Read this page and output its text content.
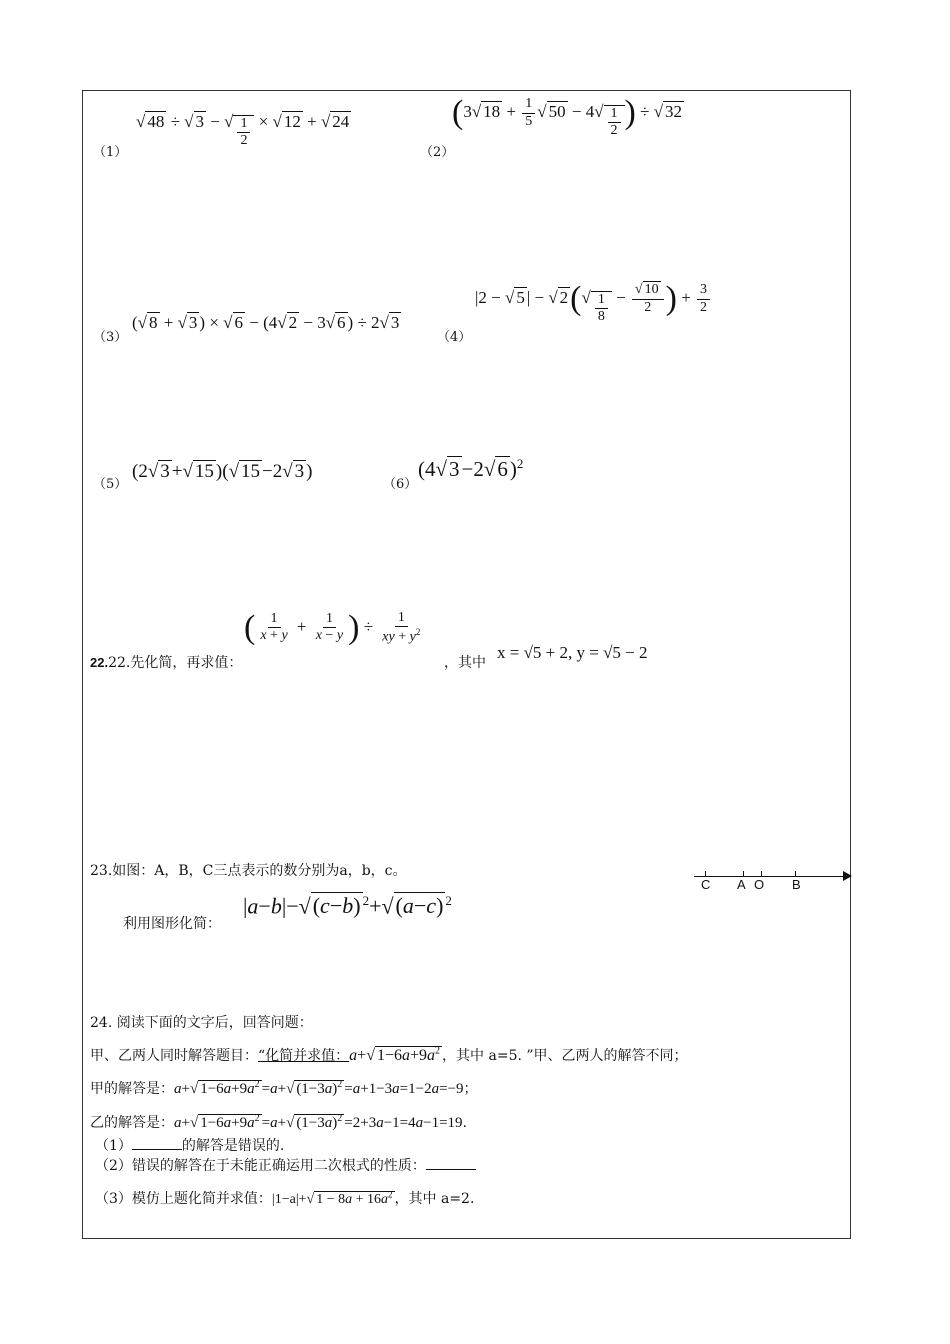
（1）
√ 48 ÷ √ 3 − √ $\frac{1}{2}$ × √ 12 + √ 24
（2）
(3√ $18 + \frac{1}{5}$ √ $50 - 4√ \frac{1}{2}$ ) ÷ √ 32
（3）
(√ 8 + √ 3 ) × √ 6 − (4√ 2 − 3√ 6 ) ÷ 2√ 3
（4）
|2 − √ 5 | − √ $2(√ \frac{1}{8} - \frac{√ 10}{2}$ ) + $\frac{3}{2}$
（5）
(2√ 3 +√ 15 )(√ 15 −2√ 3 )
（6）
$(4√3-2√6)^2$
22.22.先化简，再求值：
( $\frac{1}{x + y} + \frac{1}{x - y}$ ) ÷ $\frac{1}{xy + y^2}$
，其中
x = √5 + 2, y = √5 − 2
23.如图：A，B，C三点表示的数分别为a，b，c。
利用图形化简：
|a−b|−√(c−b) $^2$+√(a−c) $^2$
C A O B
24. 阅读下面的文字后，回答问题：
甲、乙两人同时解答题目：“化简并求值：a+√ $1-6a+9a^2$ ，其中 a=5. ”甲、乙两人的解答不同；
甲的解答是：a+√ $1-6a+9a^2 =a+√$ $(1-3a)^2 =a+1-3a=1-2a=-9$；
乙的解答是：a+√ $1-6a+9a^2 =a+√$ $(1-3a)^2 =2+3a-1=4a-1=19$.
（1）	的解答是错误的.
（2）错误的解答在于未能正确运用二次根式的性质：
（3）模仿上题化简并求值：|1−a|+√ $1 - 8a + 16a^2$ ，其中 a=2.
